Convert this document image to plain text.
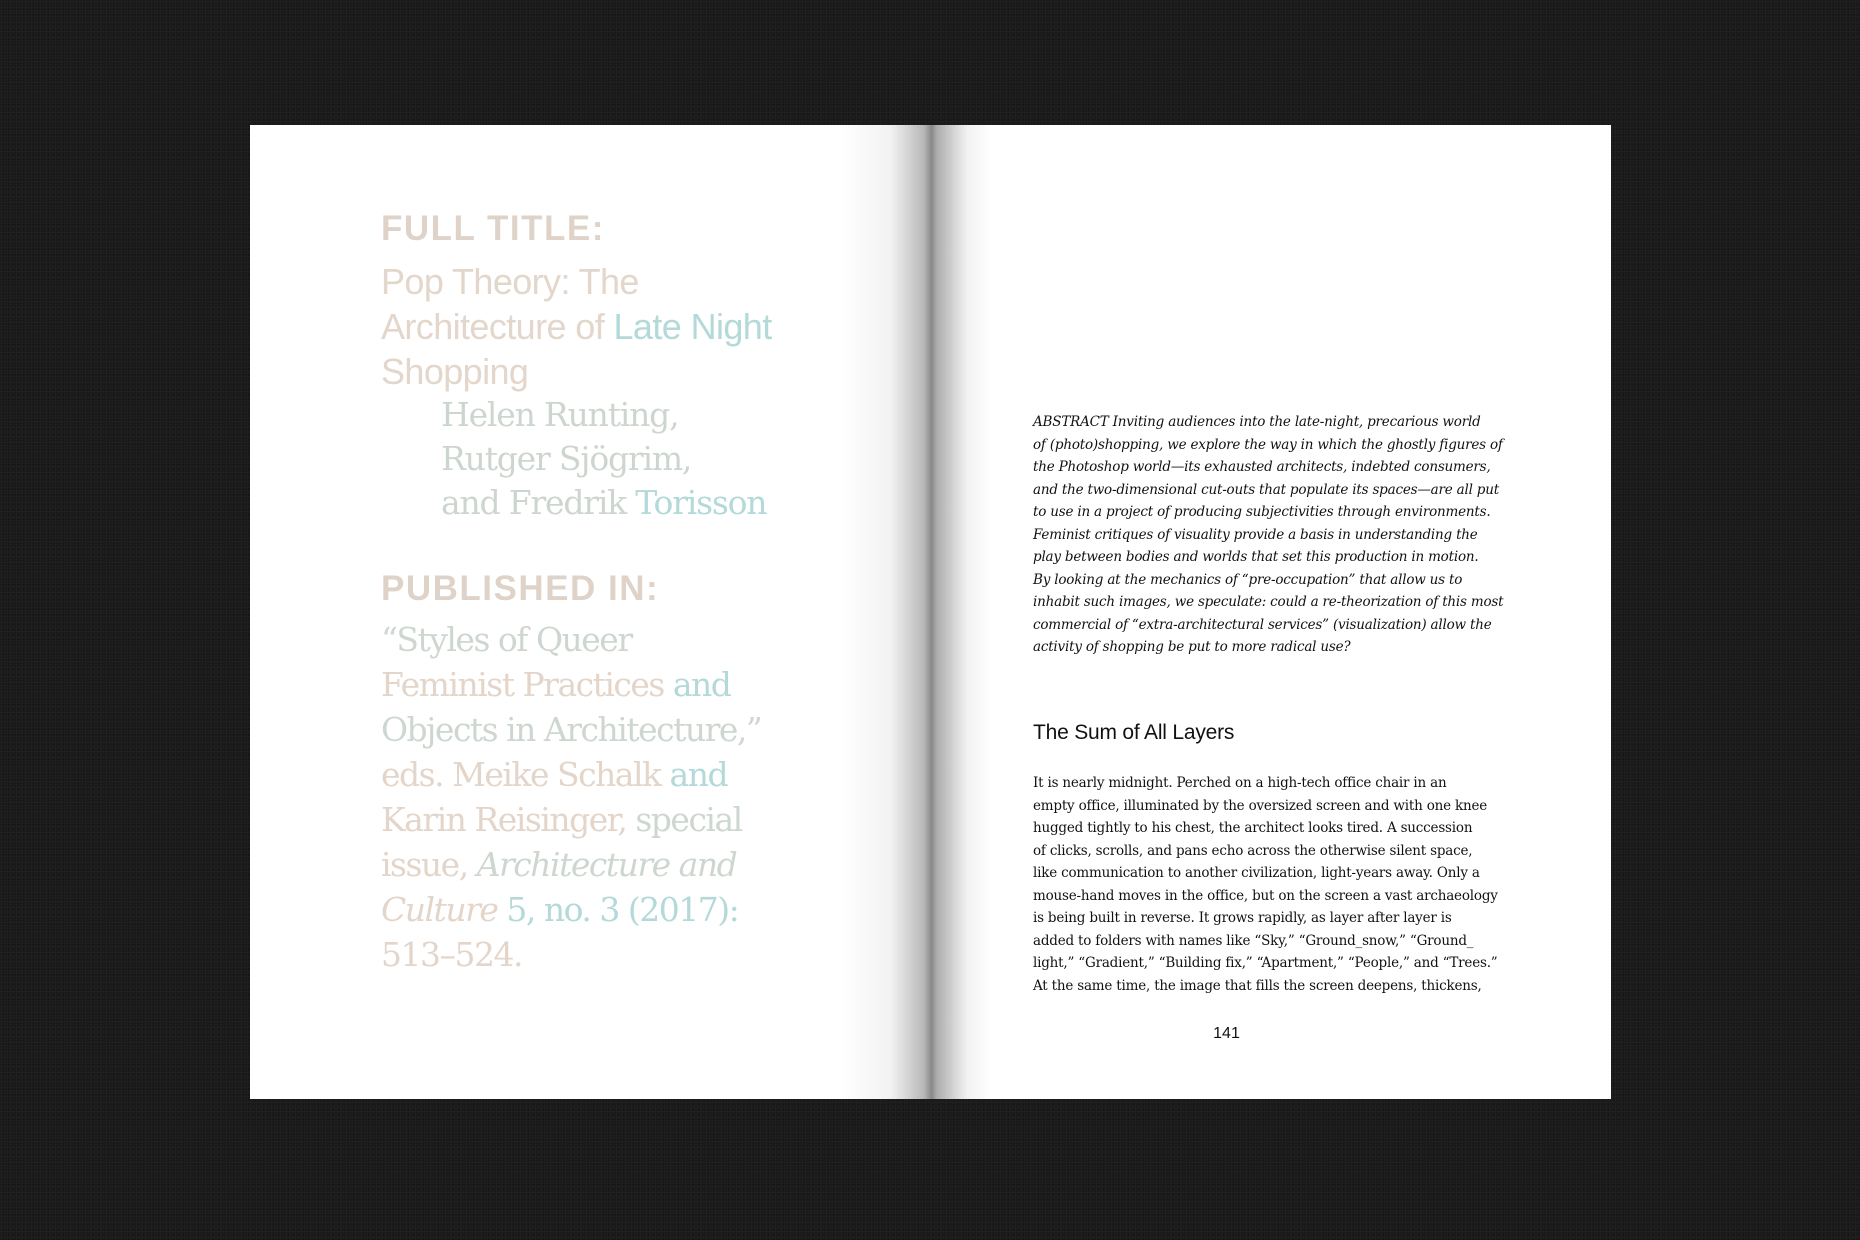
FULL TITLE:

Pop Theory: The
Architecture of Late Night
Shopping

Helen Runting,
Rutger Sjögrim,
and Fredrik Torisson

PUBLISHED IN:

“Styles of Queer
Feminist Practices and
Objects in Architecture,”
eds. Meike Schalk and
Karin Reisinger, special
issue, Architecture and
Culture 5, no. 3 (2017):
513–524.

ABSTRACT Inviting audiences into the late-night, precarious world
of (photo)shopping, we explore the way in which the ghostly figures of
the Photoshop world—its exhausted architects, indebted consumers,
and the two-dimensional cut-outs that populate its spaces—are all put
to use in a project of producing subjectivities through environments.
Feminist critiques of visuality provide a basis in understanding the
play between bodies and worlds that set this production in motion.
By looking at the mechanics of “pre-occupation” that allow us to
inhabit such images, we speculate: could a re-theorization of this most
commercial of “extra-architectural services” (visualization) allow the
activity of shopping be put to more radical use?

The Sum of All Layers

It is nearly midnight. Perched on a high-tech office chair in an
empty office, illuminated by the oversized screen and with one knee
hugged tightly to his chest, the architect looks tired. A succession
of clicks, scrolls, and pans echo across the otherwise silent space,
like communication to another civilization, light-years away. Only a
mouse-hand moves in the office, but on the screen a vast archaeology
is being built in reverse. It grows rapidly, as layer after layer is
added to folders with names like “Sky,” “Ground_snow,” “Ground_
light,” “Gradient,” “Building fix,” “Apartment,” “People,” and “Trees.”
At the same time, the image that fills the screen deepens, thickens,

141
